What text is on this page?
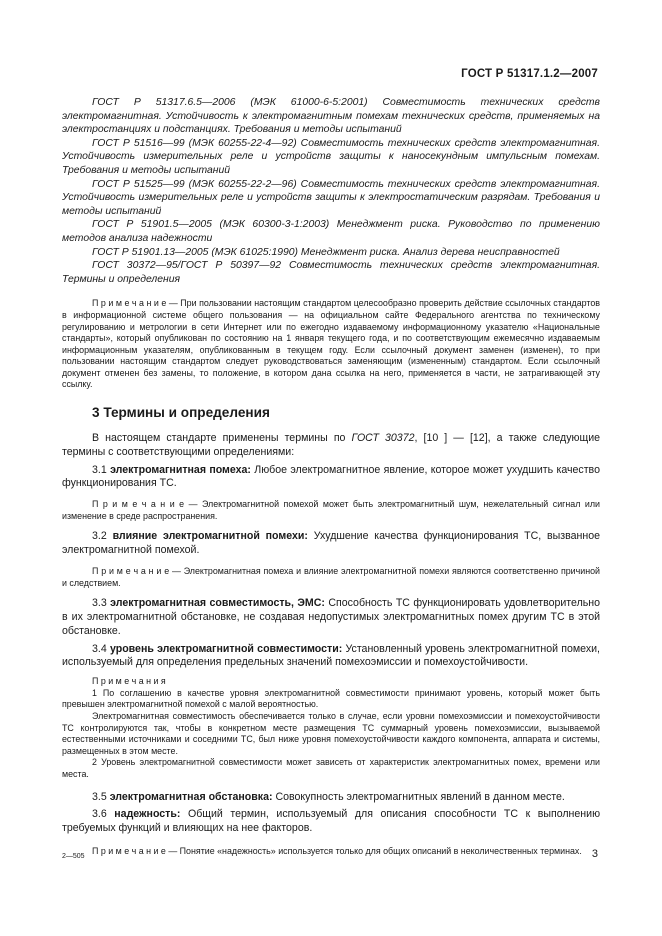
ГОСТ Р 51317.1.2—2007

ГОСТ Р 51317.6.5—2006 (МЭК 61000-6-5:2001) Совместимость технических средств электромагнитная. Устойчивость к электромагнитным помехам технических средств, применяемых на электростанциях и подстанциях. Требования и методы испытаний

ГОСТ Р 51516—99 (МЭК 60255-22-4—92) Совместимость технических средств электромагнитная. Устойчивость измерительных реле и устройств защиты к наносекундным импульсным помехам. Требования и методы испытаний

ГОСТ Р 51525—99 (МЭК 60255-22-2—96) Совместимость технических средств электромагнитная. Устойчивость измерительных реле и устройств защиты к электростатическим разрядам. Требования и методы испытаний

ГОСТ Р 51901.5—2005 (МЭК 60300-3-1:2003) Менеджмент риска. Руководство по применению методов анализа надежности

ГОСТ Р 51901.13—2005 (МЭК 61025:1990) Менеджмент риска. Анализ дерева неисправностей

ГОСТ 30372—95/ГОСТ Р 50397—92 Совместимость технических средств электромагнитная. Термины и определения

П р и м е ч а н и е — При пользовании настоящим стандартом целесообразно проверить действие ссылочных стандартов в информационной системе общего пользования — на официальном сайте Федерального агентства по техническому регулированию и метрологии в сети Интернет или по ежегодно издаваемому информационному указателю «Национальные стандарты», который опубликован по состоянию на 1 января текущего года, и по соответствующим ежемесячно издаваемым информационным указателям, опубликованным в текущем году. Если ссылочный документ заменен (изменен), то при пользовании настоящим стандартом следует руководствоваться заменяющим (измененным) стандартом. Если ссылочный документ отменен без замены, то положение, в котором дана ссылка на него, применяется в части, не затрагивающей эту ссылку.

3 Термины и определения

В настоящем стандарте применены термины по ГОСТ 30372, [10 ] — [12], а также следующие термины с соответствующими определениями:

3.1 электромагнитная помеха: Любое электромагнитное явление, которое может ухудшить качество функционирования ТС.

П р и м е ч а н и е — Электромагнитной помехой может быть электромагнитный шум, нежелательный сигнал или изменение в среде распространения.

3.2 влияние электромагнитной помехи: Ухудшение качества функционирования ТС, вызванное электромагнитной помехой.

П р и м е ч а н и е — Электромагнитная помеха и влияние электромагнитной помехи являются соответственно причиной и следствием.

3.3 электромагнитная совместимость, ЭМС: Способность ТС функционировать удовлетворительно в их электромагнитной обстановке, не создавая недопустимых электромагнитных помех другим ТС в этой обстановке.

3.4 уровень электромагнитной совместимости: Установленный уровень электромагнитной помехи, используемый для определения предельных значений помехоэмиссии и помехоустойчивости.

П р и м е ч а н и я

1 По соглашению в качестве уровня электромагнитной совместимости принимают уровень, который может быть превышен электромагнитной помехой с малой вероятностью.

Электромагнитная совместимость обеспечивается только в случае, если уровни помехоэмиссии и помехоустойчивости ТС контролируются так, чтобы в конкретном месте размещения ТС суммарный уровень помехоэмиссии, вызываемой естественными источниками и соседними ТС, был ниже уровня помехоустойчивости каждого компонента, аппарата и системы, размещенных в этом месте.

2 Уровень электромагнитной совместимости может зависеть от характеристик электромагнитных помех, времени или места.

3.5 электромагнитная обстановка: Совокупность электромагнитных явлений в данном месте.

3.6 надежность: Общий термин, используемый для описания способности ТС к выполнению требуемых функций и влияющих на нее факторов.

П р и м е ч а н и е — Понятие «надежность» используется только для общих описаний в неколичественных терминах.

2—505	3
